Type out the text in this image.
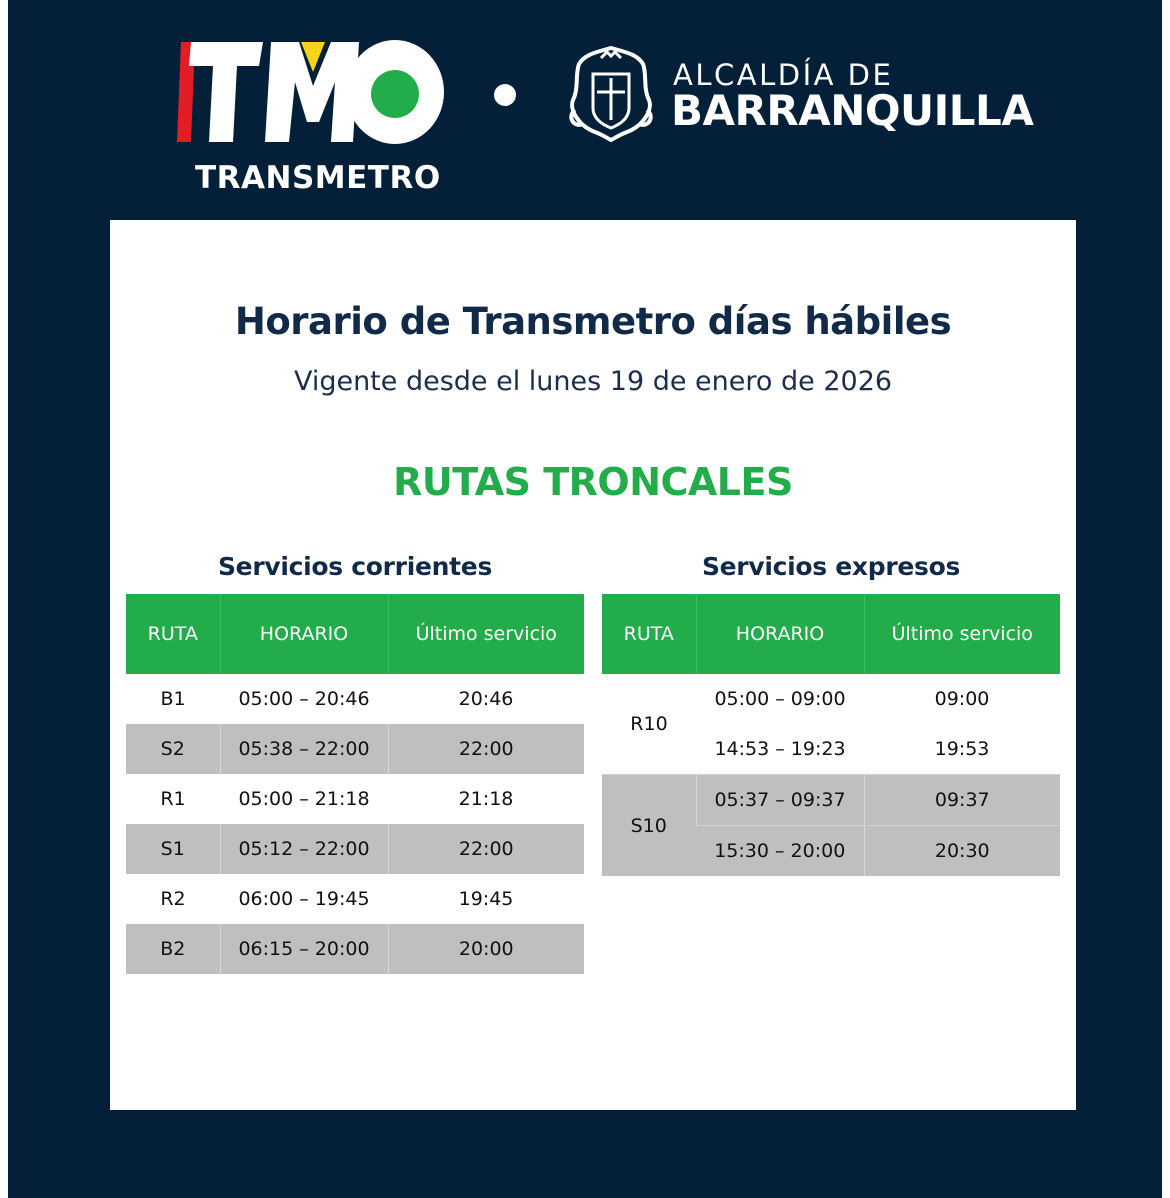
TRANSMETRO
ALCALDÍA DE
BARRANQUILLA
Horario de Transmetro días hábiles
Vigente desde el lunes 19 de enero de 2026
RUTAS TRONCALES
Servicios corrientes	Servicios expresos
RUTA	HORARIO	Último servicio
B1	05:00 – 20:46	20:46
S2	05:38 – 22:00	22:00
R1	05:00 – 21:18	21:18
S1	05:12 – 22:00	22:00
R2	06:00 – 19:45	19:45
B2	06:15 – 20:00	20:00
RUTA	HORARIO	Último servicio
R10	05:00 – 09:00	09:00
	14:53 – 19:23	19:53
S10	05:37 – 09:37	09:37
	15:30 – 20:00	20:30
